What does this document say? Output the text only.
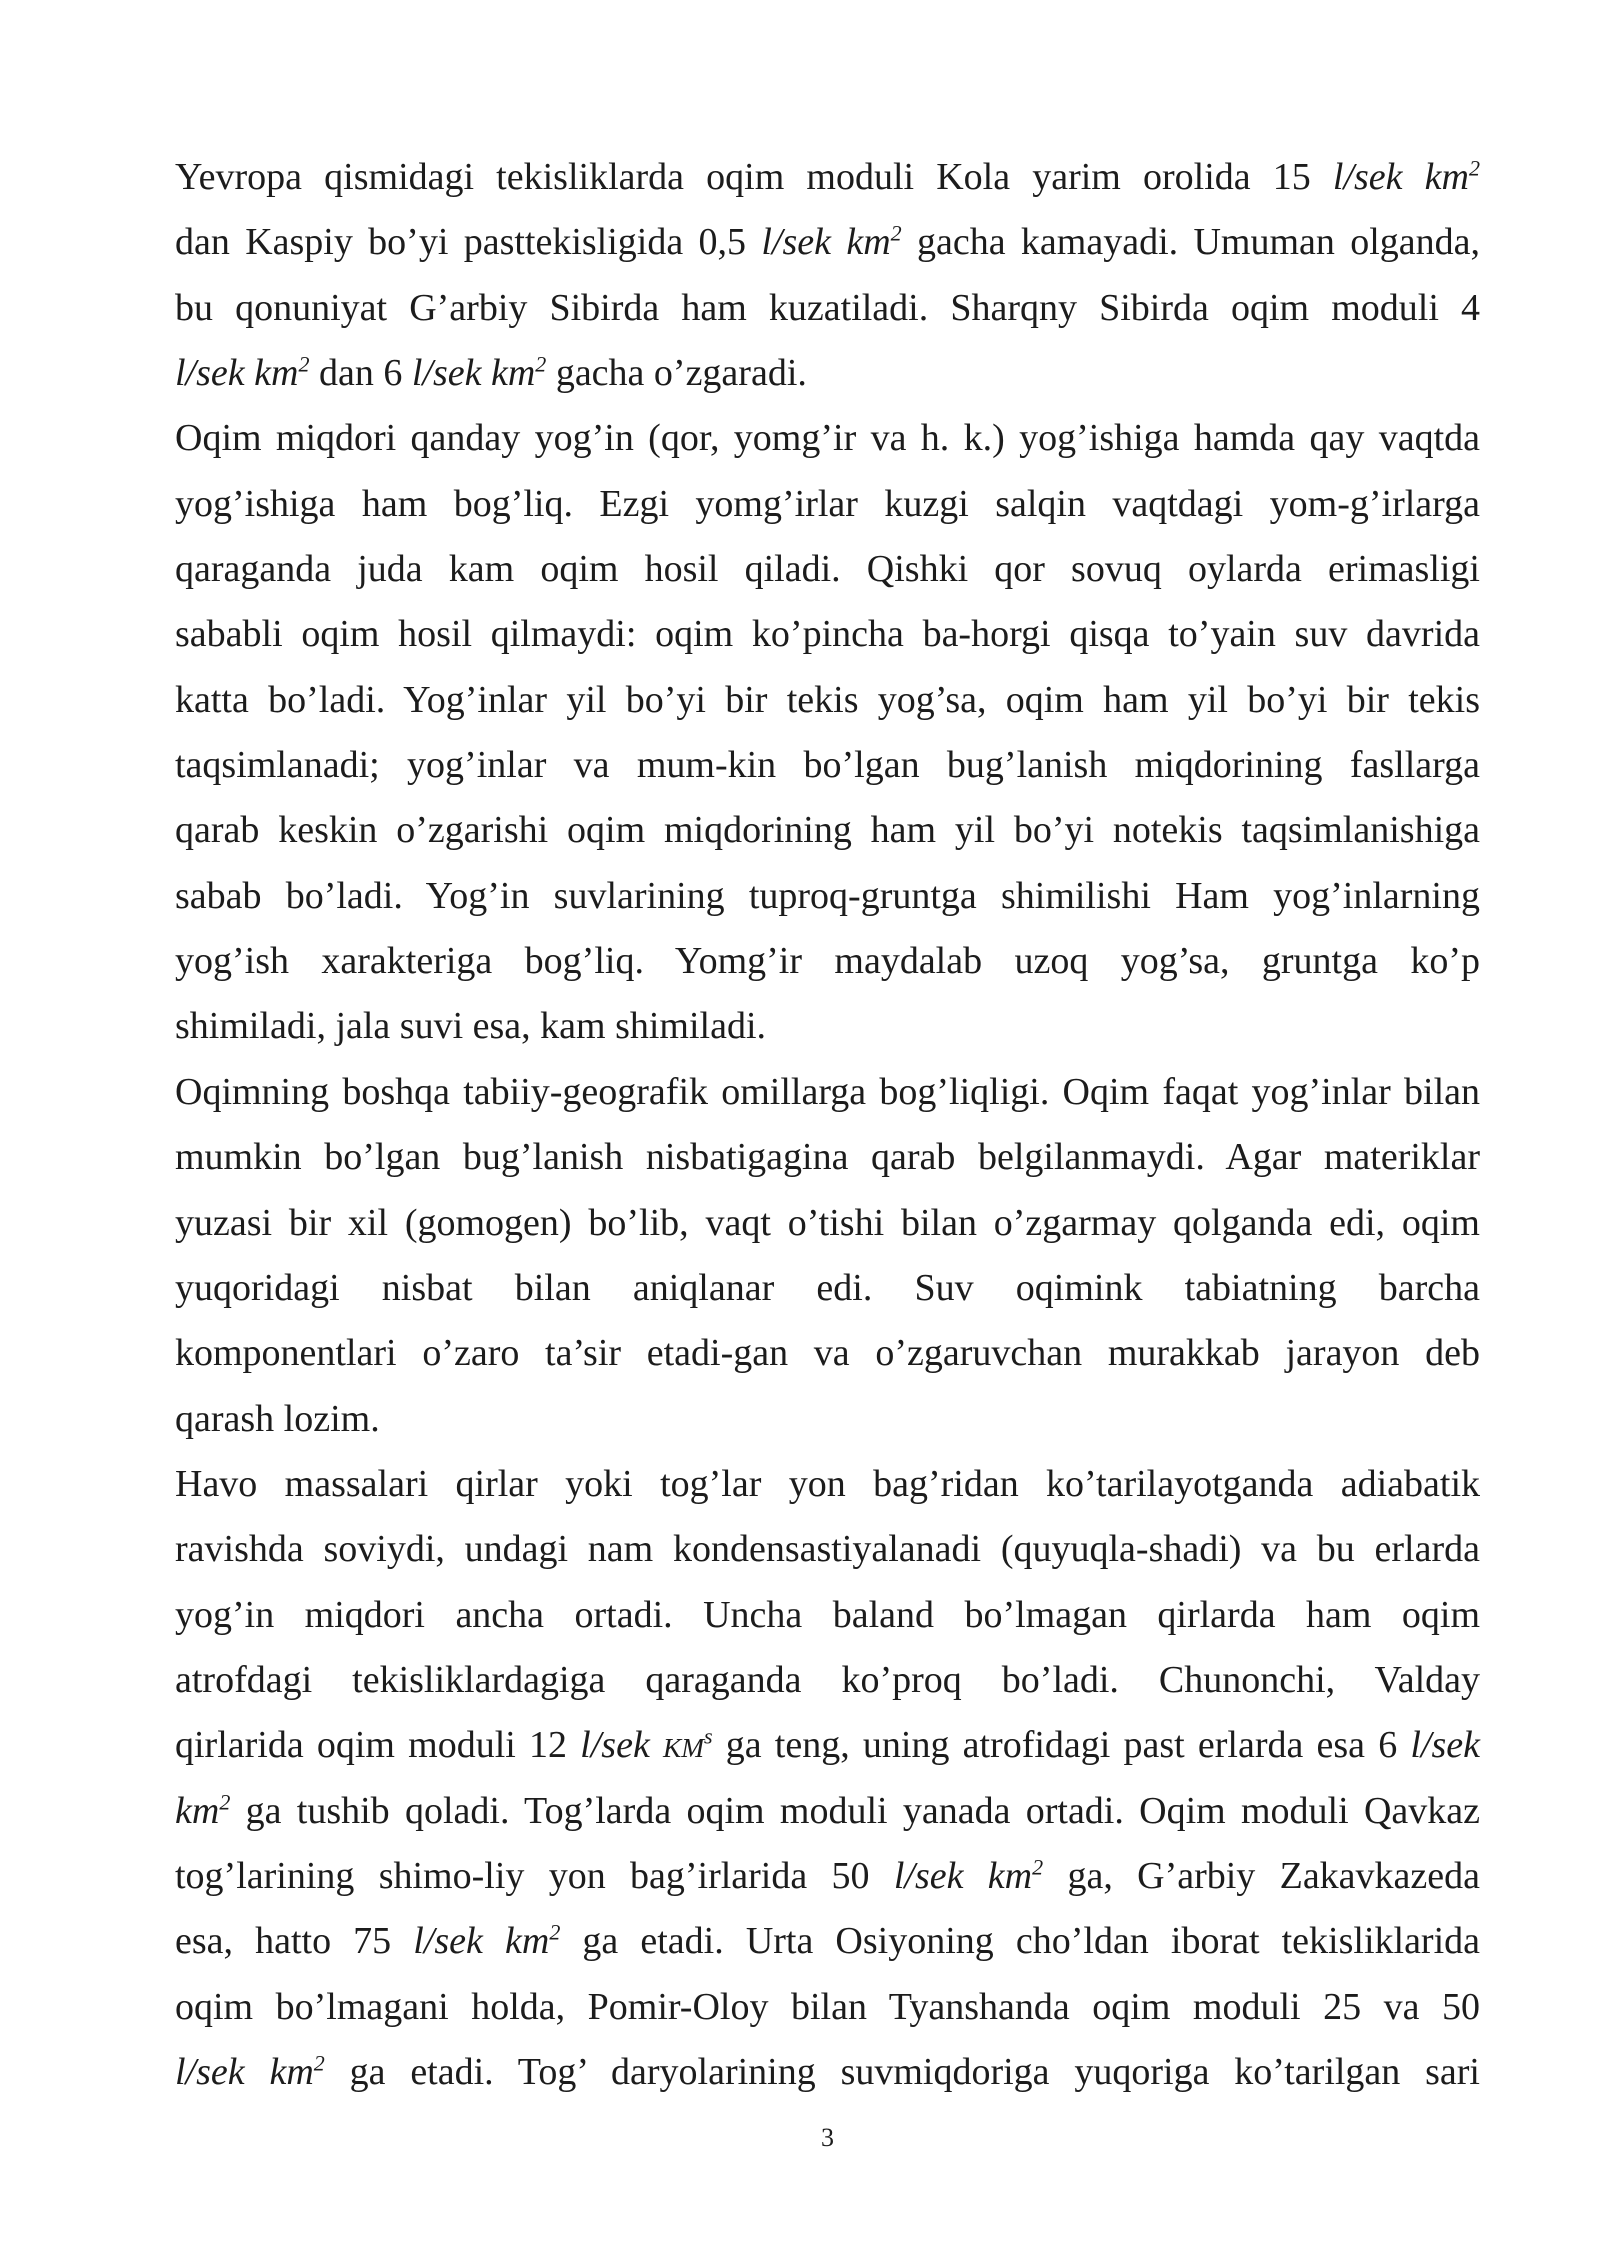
Yevropa qismidagi tekisliklarda oqim moduli Kola yarim orolida 15 l/sek $km^2$
dan Kaspiy bo’yi pasttekisligida 0,5 l/sek $km^2$ gacha kamayadi. Umuman olganda,
bu qonuniyat G’arbiy Sibirda ham kuzatiladi. Sharqny Sibirda oqim moduli 4
l/sek $km^2$ dan 6 l/sek $km^2$ gacha o’zgaradi.
Oqim miqdori qanday yog’in (qor, yomg’ir va h. k.) yog’ishiga hamda qay vaqtda
yog’ishiga ham bog’liq. Ezgi yomg’irlar kuzgi salqin vaqtdagi yom-g’irlarga
qaraganda juda kam oqim hosil qiladi. Qishki qor sovuq oylarda erimasligi
sababli oqim hosil qilmaydi: oqim ko’pincha ba-horgi qisqa to’yain suv davrida
katta bo’ladi. Yog’inlar yil bo’yi bir tekis yog’sa, oqim ham yil bo’yi bir tekis
taqsimlanadi; yog’inlar va mum-kin bo’lgan bug’lanish miqdorining fasllarga
qarab keskin o’zgarishi oqim miqdorining ham yil bo’yi notekis taqsimlanishiga
sabab bo’ladi. Yog’in suvlarining tuproq-gruntga shimilishi Ham yog’inlarning
yog’ish xarakteriga bog’liq. Yomg’ir maydalab uzoq yog’sa, gruntga ko’p
shimiladi, jala suvi esa, kam shimiladi.
Oqimning boshqa tabiiy-geografik omillarga bog’liqligi. Oqim faqat yog’inlar bilan
mumkin bo’lgan bug’lanish nisbatigagina qarab belgilanmaydi. Agar materiklar
yuzasi bir xil (gomogen) bo’lib, vaqt o’tishi bilan o’zgarmay qolganda edi, oqim
yuqoridagi nisbat bilan aniqlanar edi. Suv oqimink tabiatning barcha
komponentlari o’zaro ta’sir etadi-gan va o’zgaruvchan murakkab jarayon deb
qarash lozim.
Havo massalari qirlar yoki tog’lar yon bag’ridan ko’tarilayotganda adiabatik
ravishda soviydi, undagi nam kondensastiyalanadi (quyuqla-shadi) va bu erlarda
yog’in miqdori ancha ortadi. Uncha baland bo’lmagan qirlarda ham oqim
atrofdagi tekisliklardagiga qaraganda ko’proq bo’ladi. Chunonchi, Valday
qirlarida oqim moduli 12 l/sek $KM^s$ ga teng, uning atrofidagi past erlarda esa 6 l/sek
$km^2$ ga tushib qoladi. Tog’larda oqim moduli yanada ortadi. Oqim moduli Qavkaz
tog’larining shimo-liy yon bag’irlarida 50 l/sek $km^2$ ga, G’arbiy Zakavkazeda
esa, hatto 75 l/sek $km^2$ ga etadi. Urta Osiyoning cho’ldan iborat tekisliklarida
oqim bo’lmagani holda, Pomir-Oloy bilan Tyanshanda oqim moduli 25 va 50
l/sek $km^2$ ga etadi. Tog’ daryolarining suvmiqdoriga yuqoriga ko’tarilgan sari
3
